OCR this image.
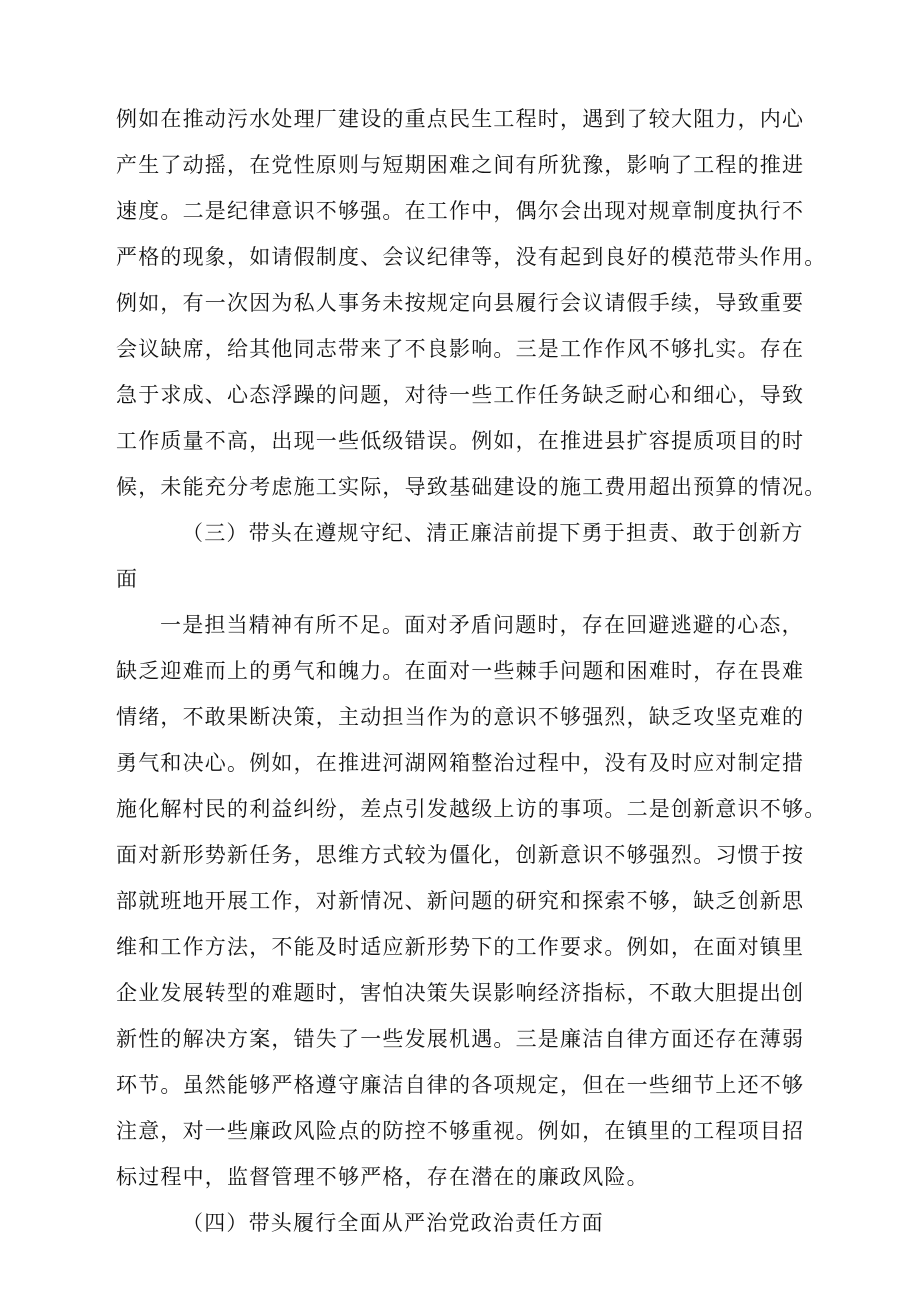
例如在推动污水处理厂建设的重点民生工程时，遇到了较大阻力，内心
产生了动摇，在党性原则与短期困难之间有所犹豫，影响了工程的推进
速度。二是纪律意识不够强。在工作中，偶尔会出现对规章制度执行不
严格的现象，如请假制度、会议纪律等，没有起到良好的模范带头作用。
例如，有一次因为私人事务未按规定向县履行会议请假手续，导致重要
会议缺席，给其他同志带来了不良影响。三是工作作风不够扎实。存在
急于求成、心态浮躁的问题，对待一些工作任务缺乏耐心和细心，导致
工作质量不高，出现一些低级错误。例如，在推进县扩容提质项目的时
候，未能充分考虑施工实际，导致基础建设的施工费用超出预算的情况。
（三）带头在遵规守纪、清正廉洁前提下勇于担责、敢于创新方
面
一是担当精神有所不足。面对矛盾问题时，存在回避逃避的心态，
缺乏迎难而上的勇气和魄力。在面对一些棘手问题和困难时，存在畏难
情绪，不敢果断决策，主动担当作为的意识不够强烈，缺乏攻坚克难的
勇气和决心。例如，在推进河湖网箱整治过程中，没有及时应对制定措
施化解村民的利益纠纷，差点引发越级上访的事项。二是创新意识不够。
面对新形势新任务，思维方式较为僵化，创新意识不够强烈。习惯于按
部就班地开展工作，对新情况、新问题的研究和探索不够，缺乏创新思
维和工作方法，不能及时适应新形势下的工作要求。例如，在面对镇里
企业发展转型的难题时，害怕决策失误影响经济指标，不敢大胆提出创
新性的解决方案，错失了一些发展机遇。三是廉洁自律方面还存在薄弱
环节。虽然能够严格遵守廉洁自律的各项规定，但在一些细节上还不够
注意，对一些廉政风险点的防控不够重视。例如，在镇里的工程项目招
标过程中，监督管理不够严格，存在潜在的廉政风险。
（四）带头履行全面从严治党政治责任方面
